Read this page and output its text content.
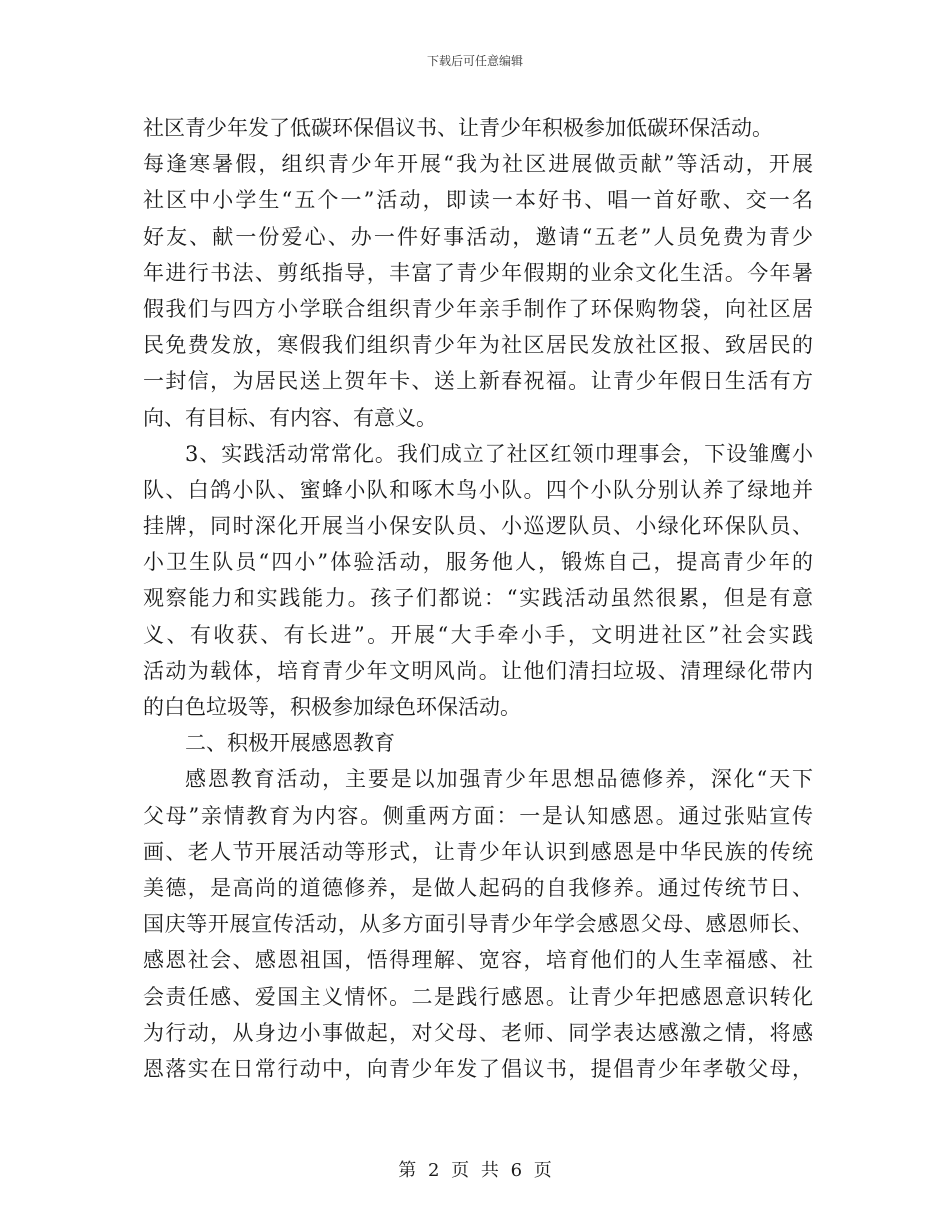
下载后可任意编辑
社区青少年发了低碳环保倡议书、让青少年积极参加低碳环保活动。
每逢寒暑假，组织青少年开展“我为社区进展做贡献”等活动，开展
社区中小学生“五个一”活动，即读一本好书、唱一首好歌、交一名
好友、献一份爱心、办一件好事活动，邀请“五老”人员免费为青少
年进行书法、剪纸指导，丰富了青少年假期的业余文化生活。今年暑
假我们与四方小学联合组织青少年亲手制作了环保购物袋，向社区居
民免费发放，寒假我们组织青少年为社区居民发放社区报、致居民的
一封信，为居民送上贺年卡、送上新春祝福。让青少年假日生活有方
向、有目标、有内容、有意义。
3、实践活动常常化。我们成立了社区红领巾理事会，下设雏鹰小
队、白鸽小队、蜜蜂小队和啄木鸟小队。四个小队分别认养了绿地并
挂牌，同时深化开展当小保安队员、小巡逻队员、小绿化环保队员、
小卫生队员“四小”体验活动，服务他人，锻炼自己，提高青少年的
观察能力和实践能力。孩子们都说：“实践活动虽然很累，但是有意
义、有收获、有长进”。开展“大手牵小手，文明进社区”社会实践
活动为载体，培育青少年文明风尚。让他们清扫垃圾、清理绿化带内
的白色垃圾等，积极参加绿色环保活动。
二、积极开展感恩教育
感恩教育活动，主要是以加强青少年思想品德修养，深化“天下
父母”亲情教育为内容。侧重两方面：一是认知感恩。通过张贴宣传
画、老人节开展活动等形式，让青少年认识到感恩是中华民族的传统
美德，是高尚的道德修养，是做人起码的自我修养。通过传统节日、
国庆等开展宣传活动，从多方面引导青少年学会感恩父母、感恩师长、
感恩社会、感恩祖国，悟得理解、宽容，培育他们的人生幸福感、社
会责任感、爱国主义情怀。二是践行感恩。让青少年把感恩意识转化
为行动，从身边小事做起，对父母、老师、同学表达感激之情，将感
恩落实在日常行动中，向青少年发了倡议书，提倡青少年孝敬父母，
第 2 页 共 6 页
